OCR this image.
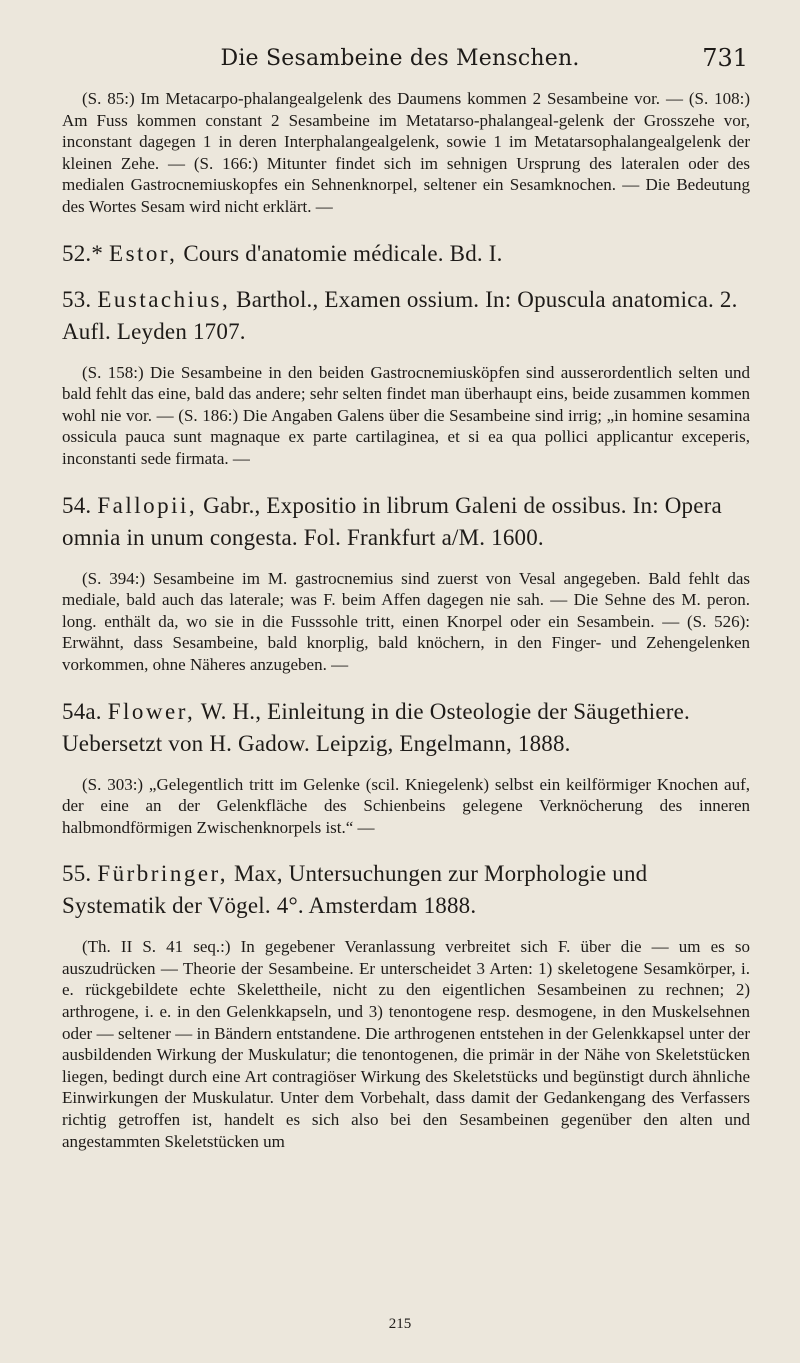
Die Sesambeine des Menschen.	731

(S. 85:) Im Metacarpo-phalangealgelenk des Daumens kommen 2 Sesambeine vor. — (S. 108:) Am Fuss kommen constant 2 Sesambeine im Metatarso-phalangeal-gelenk der Grosszehe vor, inconstant dagegen 1 in deren Interphalangealgelenk, sowie 1 im Metatarsophalangealgelenk der kleinen Zehe. — (S. 166:) Mitunter findet sich im sehnigen Ursprung des lateralen oder des medialen Gastrocnemiuskopfes ein Sehnenknorpel, seltener ein Sesamknochen. — Die Bedeutung des Wortes Sesam wird nicht erklärt. —

52.* Estor, Cours d'anatomie médicale. Bd. I.
53. Eustachius, Barthol., Examen ossium. In: Opuscula anatomica. 2. Aufl. Leyden 1707.

(S. 158:) Die Sesambeine in den beiden Gastrocnemiusköpfen sind ausserordentlich selten und bald fehlt das eine, bald das andere; sehr selten findet man überhaupt eins, beide zusammen kommen wohl nie vor. — (S. 186:) Die Angaben Galens über die Sesambeine sind irrig; „in homine sesamina ossicula pauca sunt magnaque ex parte cartilaginea, et si ea qua pollici applicantur exceperis, inconstanti sede firmata. —

54. Fallopii, Gabr., Expositio in librum Galeni de ossibus. In: Opera omnia in unum congesta. Fol. Frankfurt a/M. 1600.

(S. 394:) Sesambeine im M. gastrocnemius sind zuerst von Vesal angegeben. Bald fehlt das mediale, bald auch das laterale; was F. beim Affen dagegen nie sah. — Die Sehne des M. peron. long. enthält da, wo sie in die Fusssohle tritt, einen Knorpel oder ein Sesambein. — (S. 526): Erwähnt, dass Sesambeine, bald knorplig, bald knöchern, in den Finger- und Zehengelenken vorkommen, ohne Näheres anzugeben. —

54a. Flower, W. H., Einleitung in die Osteologie der Säugethiere. Uebersetzt von H. Gadow. Leipzig, Engelmann, 1888.

(S. 303:) „Gelegentlich tritt im Gelenke (scil. Kniegelenk) selbst ein keilförmiger Knochen auf, der eine an der Gelenkfläche des Schienbeins gelegene Verknöcherung des inneren halbmondförmigen Zwischenknorpels ist.“ —

55. Fürbringer, Max, Untersuchungen zur Morphologie und Systematik der Vögel. 4°. Amsterdam 1888.

(Th. II S. 41 seq.:) In gegebener Veranlassung verbreitet sich F. über die — um es so auszudrücken — Theorie der Sesambeine. Er unterscheidet 3 Arten: 1) skeletogene Sesamkörper, i. e. rückgebildete echte Skelettheile, nicht zu den eigentlichen Sesambeinen zu rechnen; 2) arthrogene, i. e. in den Gelenkkapseln, und 3) tenontogene resp. desmogene, in den Muskelsehnen oder — seltener — in Bändern entstandene. Die arthrogenen entstehen in der Gelenkkapsel unter der ausbildenden Wirkung der Muskulatur; die tenontogenen, die primär in der Nähe von Skeletstücken liegen, bedingt durch eine Art contragiöser Wirkung des Skeletstücks und begünstigt durch ähnliche Einwirkungen der Muskulatur. Unter dem Vorbehalt, dass damit der Gedankengang des Verfassers richtig getroffen ist, handelt es sich also bei den Sesambeinen gegenüber den alten und angestammten Skeletstücken um

215
